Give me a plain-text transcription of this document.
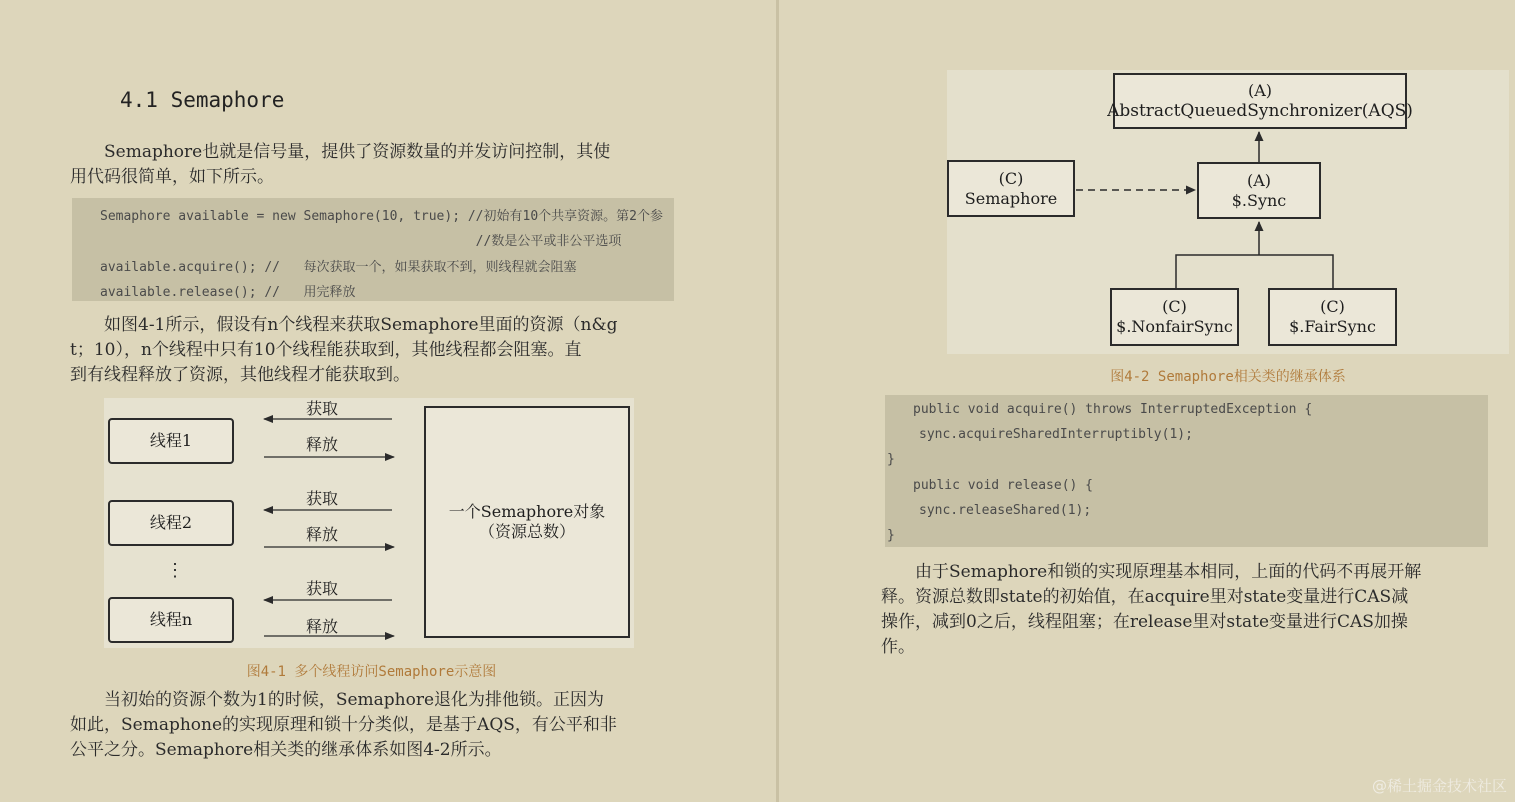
4.1 Semaphore
Semaphore也就是信号量，提供了资源数量的并发访问控制，其使
用代码很简单，如下所示。
Semaphore available = new Semaphore(10, true); //初始有10个共享资源。第2个参
//数是公平或非公平选项
available.acquire(); //   每次获取一个，如果获取不到，则线程就会阻塞
available.release(); //   用完释放
如图4-1所示，假设有n个线程来获取Semaphore里面的资源（n&g
t；10），n个线程中只有10个线程能获取到，其他线程都会阻塞。直
到有线程释放了资源，其他线程才能获取到。
线程1
线程2
⋮
线程n
一个Semaphore对象
（资源总数）
获取
释放
获取
释放
获取
释放
图4-1 多个线程访问Semaphore示意图
当初始的资源个数为1的时候，Semaphore退化为排他锁。正因为
如此，Semaphone的实现原理和锁十分类似，是基于AQS，有公平和非
公平之分。Semaphore相关类的继承体系如图4-2所示。
(A)
AbstractQueuedSynchronizer(AQS)
(C)
Semaphore
(A)
$.Sync
(C)
$.NonfairSync
(C)
$.FairSync
图4-2 Semaphore相关类的继承体系
public void acquire() throws InterruptedException {
sync.acquireSharedInterruptibly(1);
}
public void release() {
sync.releaseShared(1);
}
由于Semaphore和锁的实现原理基本相同，上面的代码不再展开解
释。资源总数即state的初始值，在acquire里对state变量进行CAS减
操作，减到0之后，线程阻塞；在release里对state变量进行CAS加操
作。
@稀土掘金技术社区
